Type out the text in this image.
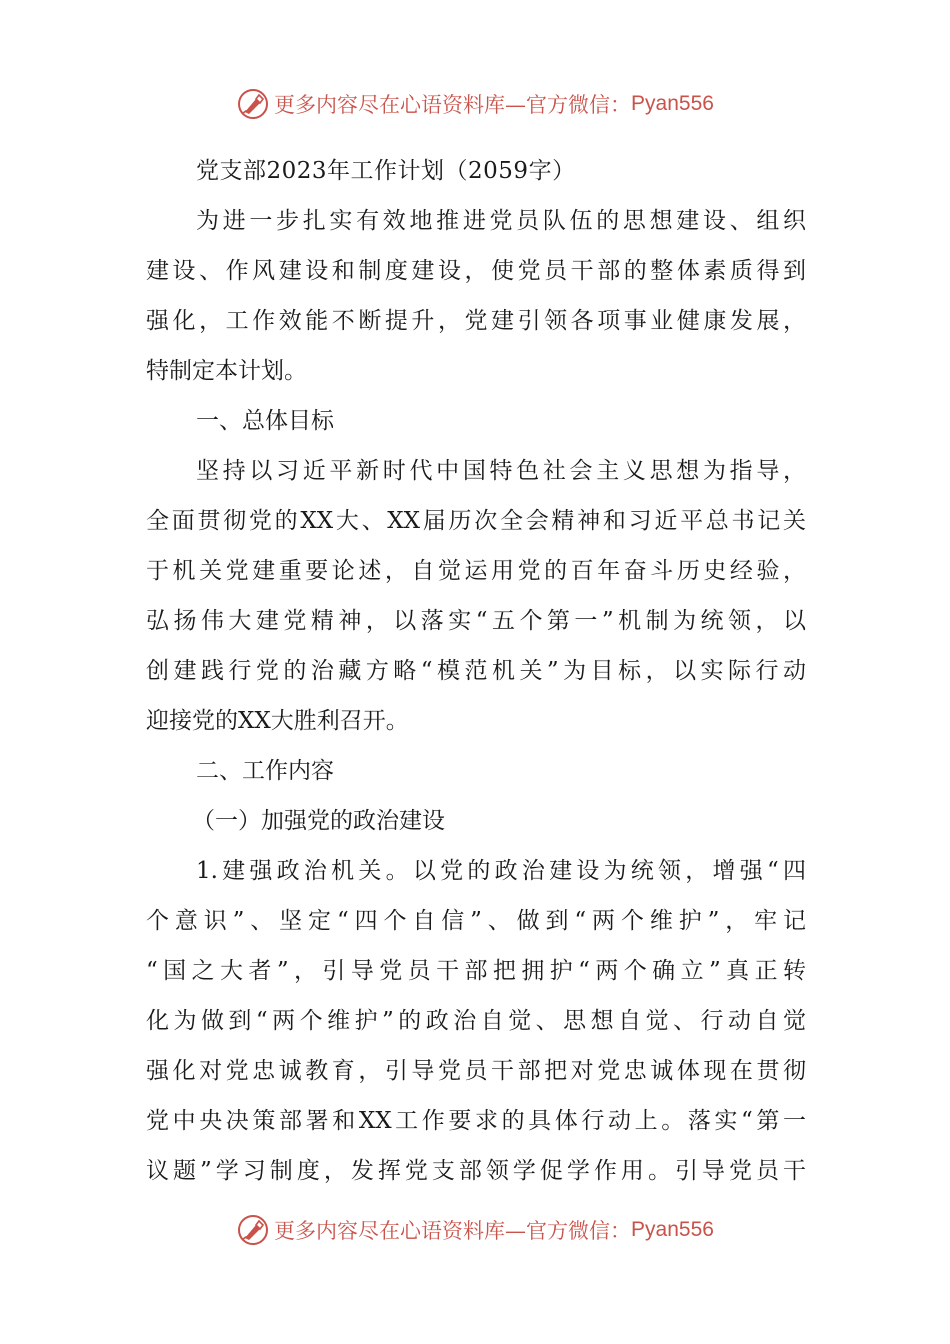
更多内容尽在心语资料库—官方微信： Pyan556
党支部2023年工作计划（2059字）
为进一步扎实有效地推进党员队伍的思想建设、组织
建设、作风建设和制度建设，使党员干部的整体素质得到
强化，工作效能不断提升，党建引领各项事业健康发展，
特制定本计划。
一、总体目标
坚持以习近平新时代中国特色社会主义思想为指导，
全面贯彻党的XX大、XX届历次全会精神和习近平总书记关
于机关党建重要论述，自觉运用党的百年奋斗历史经验，
弘扬伟大建党精神，以落实“五个第一”机制为统领，以
创建践行党的治藏方略“模范机关”为目标，以实际行动
迎接党的XX大胜利召开。
二、工作内容
（一）加强党的政治建设
1.建强政治机关。以党的政治建设为统领，增强“四
个意识”、坚定“四个自信”、做到“两个维护”，牢记
“国之大者”，引导党员干部把拥护“两个确立”真正转
化为做到“两个维护”的政治自觉、思想自觉、行动自觉
强化对党忠诚教育，引导党员干部把对党忠诚体现在贯彻
党中央决策部署和XX工作要求的具体行动上。落实“第一
议题”学习制度，发挥党支部领学促学作用。引导党员干
更多内容尽在心语资料库—官方微信： Pyan556
